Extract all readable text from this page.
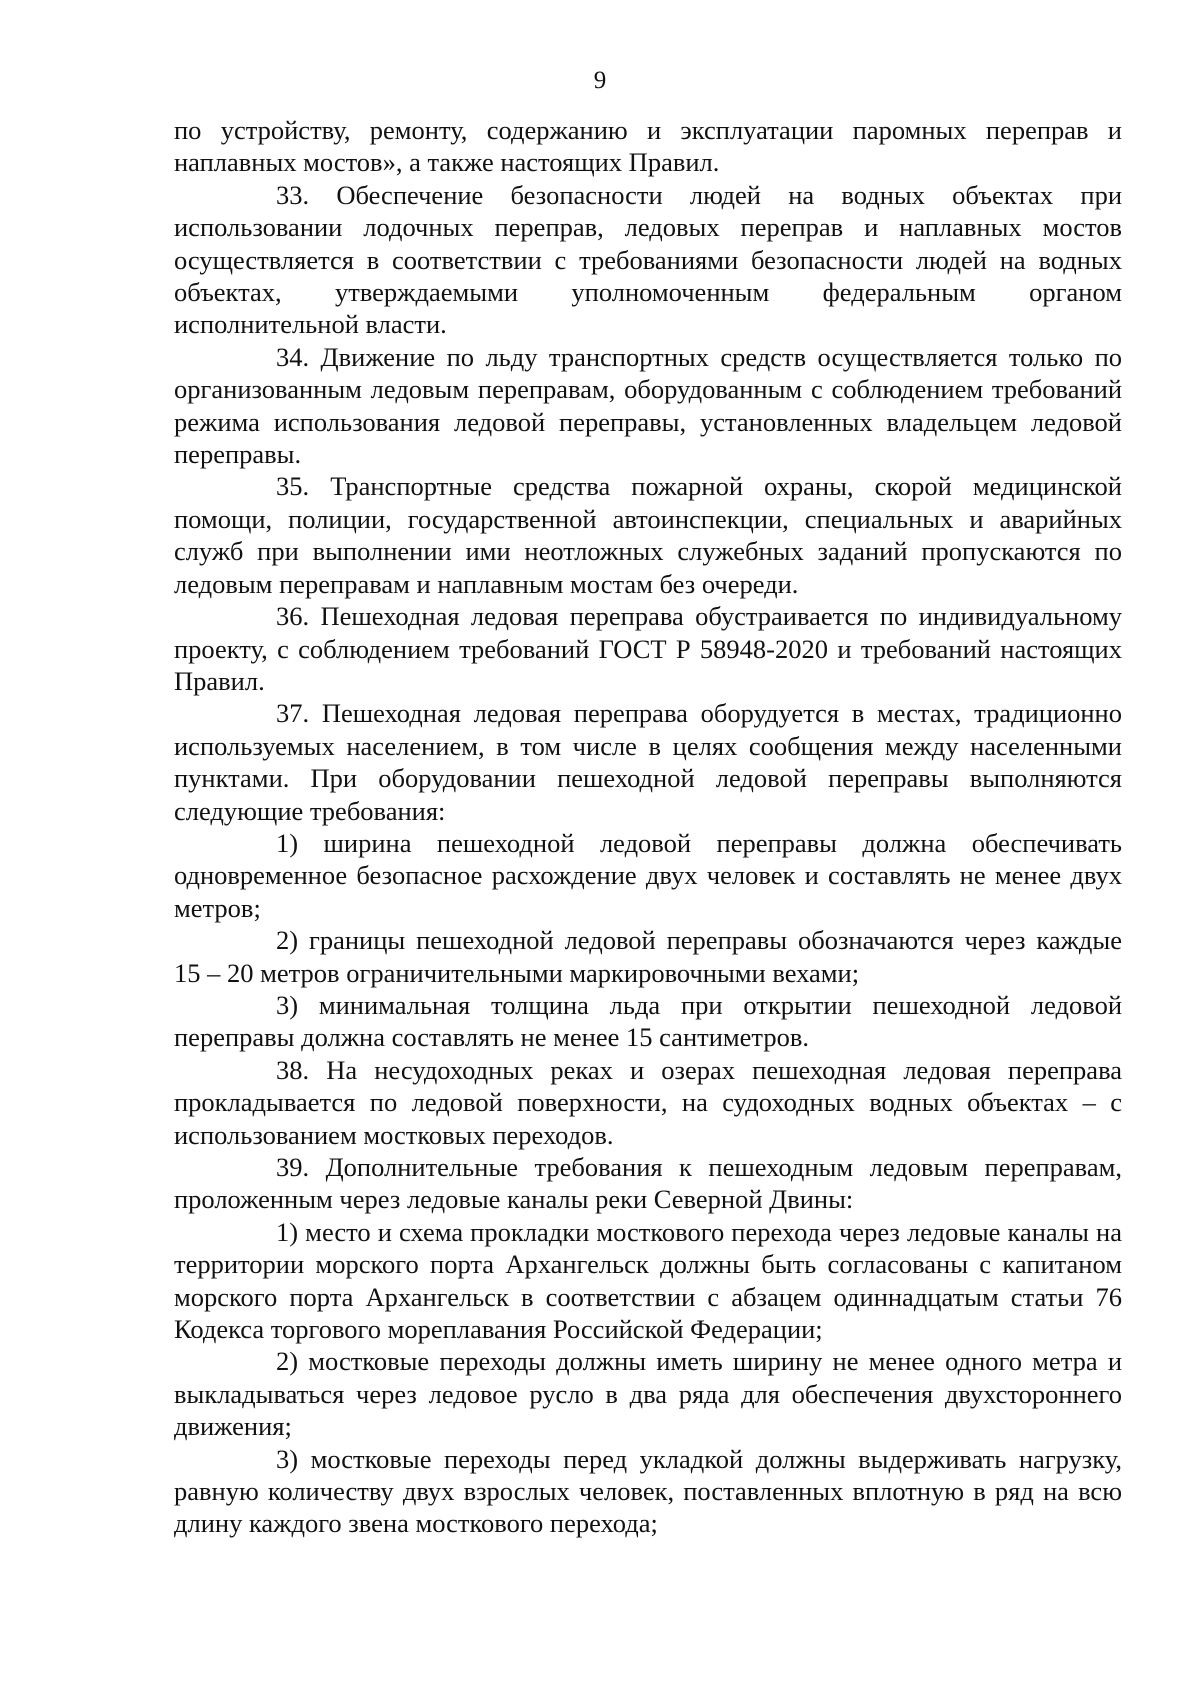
9

по устройству, ремонту, содержанию и эксплуатации паромных переправ и наплавных мостов», а также настоящих Правил.

33. Обеспечение безопасности людей на водных объектах при использовании лодочных переправ, ледовых переправ и наплавных мостов осуществляется в соответствии с требованиями безопасности людей на водных объектах, утверждаемыми уполномоченным федеральным органом исполнительной власти.

34. Движение по льду транспортных средств осуществляется только по организованным ледовым переправам, оборудованным с соблюдением требований режима использования ледовой переправы, установленных владельцем ледовой переправы.

35. Транспортные средства пожарной охраны, скорой медицинской помощи, полиции, государственной автоинспекции, специальных и аварийных служб при выполнении ими неотложных служебных заданий пропускаются по ледовым переправам и наплавным мостам без очереди.

36. Пешеходная ледовая переправа обустраивается по индивидуальному проекту, с соблюдением требований ГОСТ Р 58948-2020 и требований настоящих Правил.

37. Пешеходная ледовая переправа оборудуется в местах, традиционно используемых населением, в том числе в целях сообщения между населенными пунктами. При оборудовании пешеходной ледовой переправы выполняются следующие требования:

1) ширина пешеходной ледовой переправы должна обеспечивать одновременное безопасное расхождение двух человек и составлять не менее двух метров;

2) границы пешеходной ледовой переправы обозначаются через каждые 15 – 20 метров ограничительными маркировочными вехами;

3) минимальная толщина льда при открытии пешеходной ледовой переправы должна составлять не менее 15 сантиметров.

38. На несудоходных реках и озерах пешеходная ледовая переправа прокладывается по ледовой поверхности, на судоходных водных объектах – с использованием мостковых переходов.

39. Дополнительные требования к пешеходным ледовым переправам, проложенным через ледовые каналы реки Северной Двины:

1) место и схема прокладки мосткового перехода через ледовые каналы на территории морского порта Архангельск должны быть согласованы с капитаном морского порта Архангельск в соответствии с абзацем одиннадцатым статьи 76 Кодекса торгового мореплавания Российской Федерации;

2) мостковые переходы должны иметь ширину не менее одного метра и выкладываться через ледовое русло в два ряда для обеспечения двухстороннего движения;

3) мостковые переходы перед укладкой должны выдерживать нагрузку, равную количеству двух взрослых человек, поставленных вплотную в ряд на всю длину каждого звена мосткового перехода;
